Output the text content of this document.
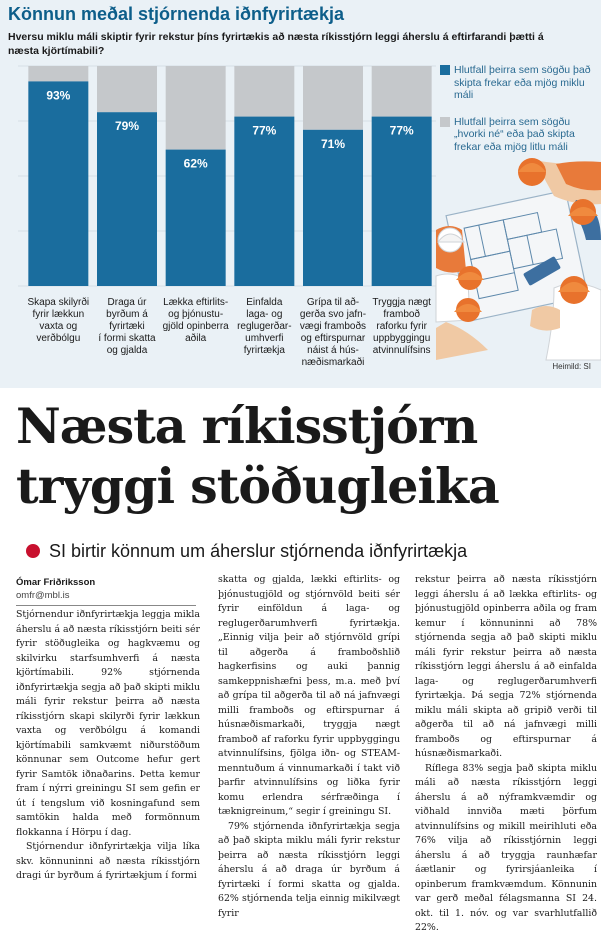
Könnun meðal stjórnenda iðnfyrirtækja
Hversu miklu máli skiptir fyrir rekstur þíns fyrirtækis að næsta ríkisstjórn leggi áherslu á eftirfarandi þætti á næsta kjörtímabili?
93%
Skapa skilyrði fyrir lækkun vaxta og verðbólgu
79%
Draga úr byrðum á fyrirtæki í formi skatta og gjalda
62%
Lækka eftirlits-og þjónustu-gjöld opinberra aðila
77%
Einfalda laga- og reglugerðar-umhverfi fyrirtækja
71%
Grípa til að-gerða svo jafn-vægi framboðs og eftirspurnar náist á hús-næðismarkaði
77%
Tryggja nægt framboð raforku fyrir uppbyggingu atvinnulífsins
Hlutfall þeirra sem sögðu það skipta frekar eða mjög miklu máli
Hlutfall þeirra sem sögðu „hvorki né“ eða það skipta frekar eða mjög litlu máli
Heimild: SI
Næsta ríkisstjórn
tryggi stöðugleika
SI birtir könnum um áherslur stjórnenda iðnfyrirtækja
Ómar Friðriksson
omfr@mbl.is

Stjórnendur iðnfyrirtækja leggja mikla áherslu á að næsta ríkisstjórn beiti sér fyrir stöðugleika og hagkvæmu og skilvirku starfsumhverfi á næsta kjörtímabili. 92% stjórnenda iðnfyrirtækja segja að það skipti miklu máli fyrir rekstur þeirra að næsta ríkisstjórn skapi skilyrði fyrir lækkun vaxta og verðbólgu á komandi kjörtímabili samkvæmt niðurstöðum könnunar sem Outcome hefur gert fyrir Samtök iðnaðarins. Þetta kemur fram í nýrri greiningu SI sem gefin er út í tengslum við kosningafund sem samtökin halda með formönnum flokkanna í Hörpu í dag.

Stjórnendur iðnfyrirtækja vilja líka skv. könnuninni að næsta ríkisstjórn dragi úr byrðum á fyrirtækjum í formi

skatta og gjalda, lækki eftirlits- og þjónustugjöld og stjórnvöld beiti sér fyrir einföldun á laga- og reglugerðarumhverfi fyrirtækja. „Einnig vilja þeir að stjórnvöld grípi til aðgerða á framboðshlið hagkerfisins og auki þannig samkeppnishæfni þess, m.a. með því að grípa til aðgerða til að ná jafnvægi milli framboðs og eftirspurnar á húsnæðismarkaði, tryggja nægt framboð af raforku fyrir uppbyggingu atvinnulífsins, fjölga iðn- og STEAM-menntuðum á vinnumarkaði í takt við þarfir atvinnulífsins og liðka fyrir komu erlendra sérfræðinga í tæknigreinum,“ segir í greiningu SI.

79% stjórnenda iðnfyrirtækja segja að það skipta miklu máli fyrir rekstur þeirra að næsta ríkisstjórn leggi áherslu á að draga úr byrðum á fyrirtæki í formi skatta og gjalda. 62% stjórnenda telja einnig mikilvægt fyrir

rekstur þeirra að næsta ríkisstjórn leggi áherslu á að lækka eftirlits- og þjónustugjöld opinberra aðila og fram kemur í könnuninni að 78% stjórnenda segja að það skipti miklu máli fyrir rekstur þeirra að næsta ríkisstjórn leggi áherslu á að einfalda laga- og reglugerðarumhverfi fyrirtækja. Þá segja 72% stjórnenda miklu máli skipta að gripið verði til aðgerða til að ná jafnvægi milli framboðs og eftirspurnar á húsnæðismarkaði.

Ríflega 83% segja það skipta miklu máli að næsta ríkisstjórn leggi áherslu á að nýframkvæmdir og viðhald innviða mæti þörfum atvinnulífsins og mikill meirihluti eða 76% vilja að ríkisstjórnin leggi áherslu á að tryggja raunhæfar áætlanir og fyrirsjáanleika í opinberum framkvæmdum. Könnunin var gerð meðal félagsmanna SI 24. okt. til 1. nóv. og var svarhlutfallið 22%.
